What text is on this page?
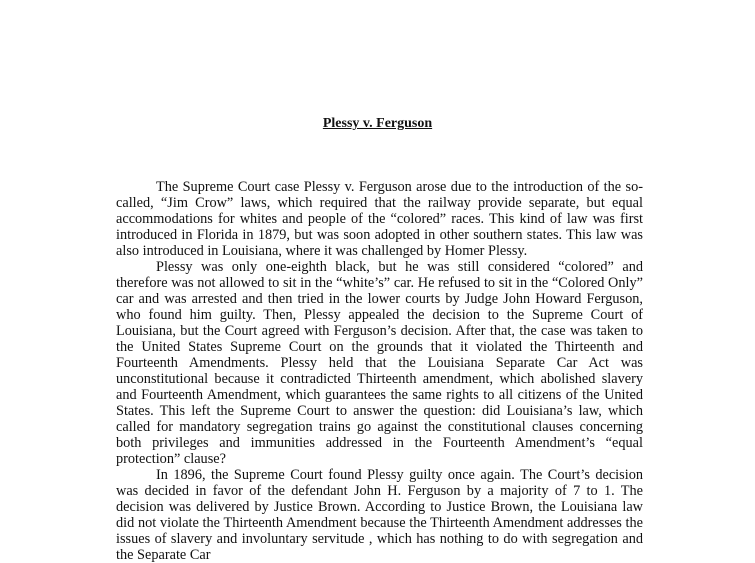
Plessy v. Ferguson

The Supreme Court case Plessy v. Ferguson arose due to the introduction of the so-called, “Jim Crow” laws, which required that the railway provide separate, but equal accommodations for whites and people of the “colored” races. This kind of law was first introduced in Florida in 1879, but was soon adopted in other southern states. This law was also introduced in Louisiana, where it was challenged by Homer Plessy.

Plessy was only one-eighth black, but he was still considered “colored” and therefore was not allowed to sit in the “white’s” car. He refused to sit in the “Colored Only” car and was arrested and then tried in the lower courts by Judge John Howard Ferguson, who found him guilty. Then, Plessy appealed the decision to the Supreme Court of Louisiana, but the Court agreed with Ferguson’s decision. After that, the case was taken to the United States Supreme Court on the grounds that it violated the Thirteenth and Fourteenth Amendments. Plessy held that the Louisiana Separate Car Act was unconstitutional because it contradicted Thirteenth amendment, which abolished slavery and Fourteenth Amendment, which guarantees the same rights to all citizens of the United States. This left the Supreme Court to answer the question: did Louisiana’s law, which called for mandatory segregation trains go against the constitutional clauses concerning both privileges and immunities addressed in the Fourteenth Amendment’s “equal protection” clause?

In 1896, the Supreme Court found Plessy guilty once again. The Court’s decision was decided in favor of the defendant John H. Ferguson by a majority of 7 to 1. The decision was delivered by Justice Brown. According to Justice Brown, the Louisiana law did not violate the Thirteenth Amendment because the Thirteenth Amendment addresses the issues of slavery and involuntary servitude , which has nothing to do with segregation and the Separate Car
